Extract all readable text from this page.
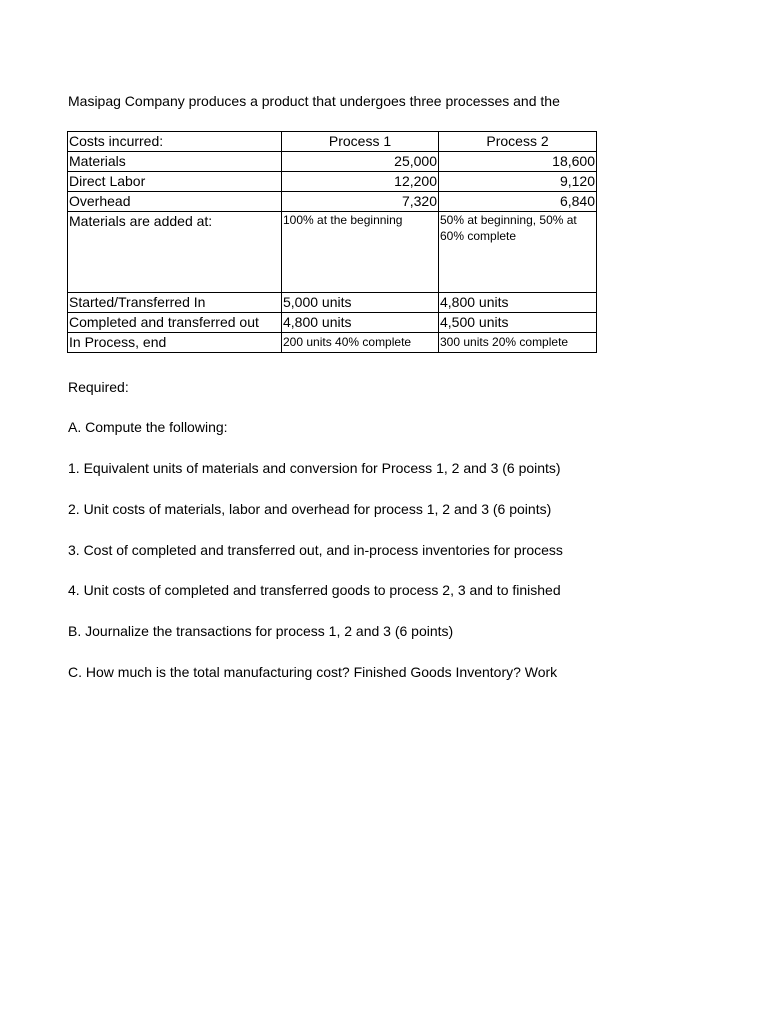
Masipag Company produces a product that undergoes three processes and the
Costs incurred:	Process 1	Process 2
Materials	25,000	18,600
Direct Labor	12,200	9,120
Overhead	7,320	6,840
Materials are added at:	100% at the beginning	50% at beginning, 50% at 60% complete
Started/Transferred In	5,000 units	4,800 units
Completed and transferred out	4,800 units	4,500 units
In Process, end	200 units 40% complete	300 units 20% complete
Required:
A. Compute the following:
1. Equivalent units of materials and conversion for Process 1, 2 and 3 (6 points)
2. Unit costs of materials, labor and overhead for process 1, 2 and 3 (6 points)
3. Cost of completed and transferred out, and in-process inventories for process
4. Unit costs of completed and transferred goods to process 2, 3 and to finished
B. Journalize the transactions for process 1, 2 and 3 (6 points)
C. How much is the total manufacturing cost? Finished Goods Inventory? Work
